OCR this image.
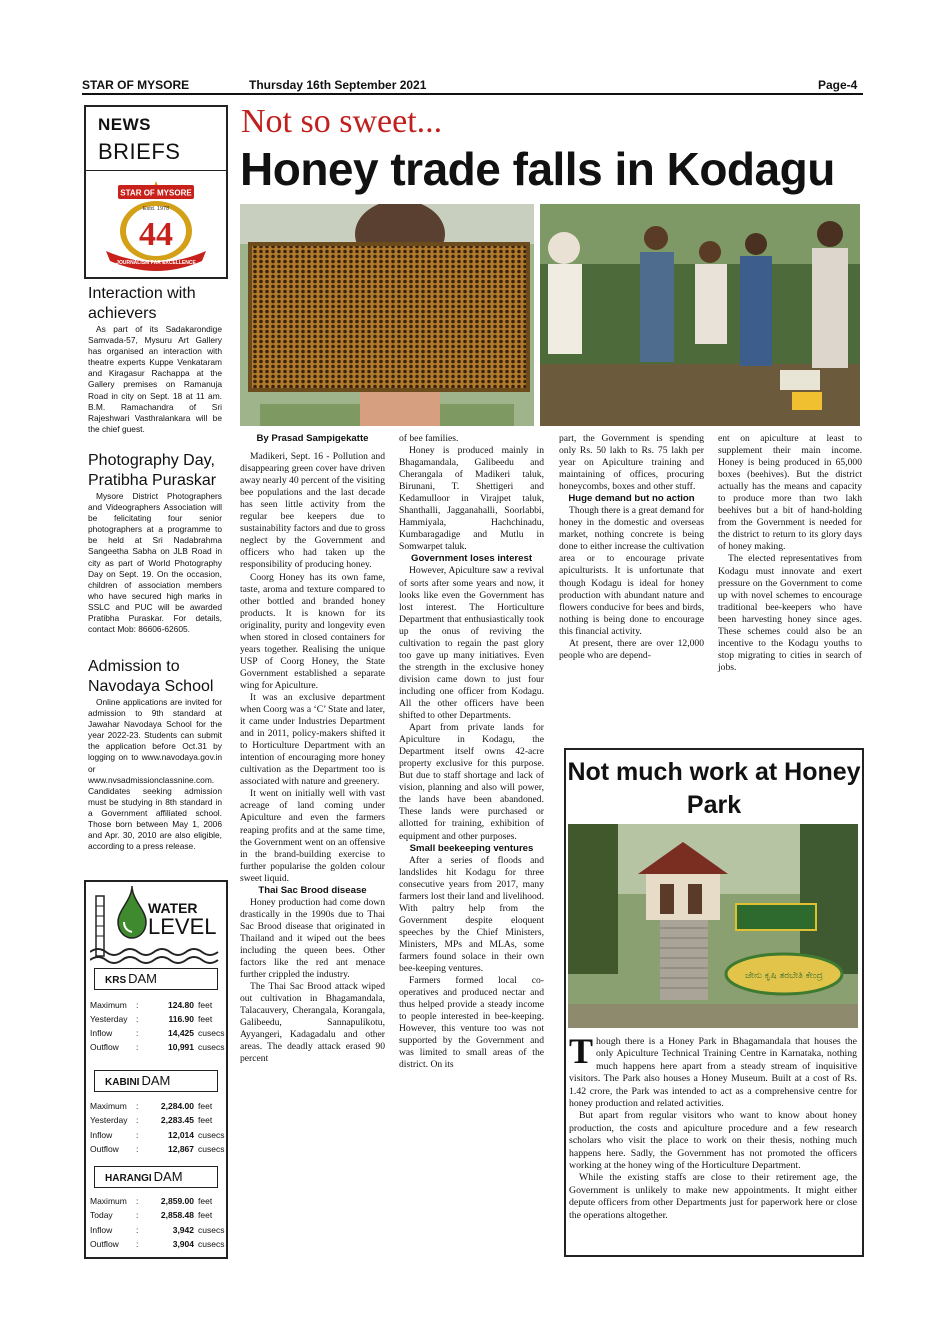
STAR OF MYSORE	Thursday 16th September 2021	Page-4
NEWS
BRIEFS
STAR OF MYSORE
Estd. 1978
44
JOURNALISM PAR EXCELLENCE
Interaction with achievers
As part of its Sadakarondige Samvada-57, Mysuru Art Gallery has organised an interaction with theatre experts Kuppe Venkataram and Kiragasur Rachappa at the Gallery premises on Ramanuja Road in city on Sept. 18 at 11 am. B.M. Ramachandra of Sri Rajeshwari Vasthralankara will be the chief guest.
Photography Day, Pratibha Puraskar
Mysore District Photographers and Videographers Association will be felicitating four senior photographers at a programme to be held at Sri Nadabrahma Sangeetha Sabha on JLB Road in city as part of World Photography Day on Sept. 19. On the occasion, children of association members who have secured high marks in SSLC and PUC will be awarded Pratibha Puraskar. For details, contact Mob: 86606-62605.
Admission to Navodaya School
Online applications are invited for admission to 9th standard at Jawahar Navodaya School for the year 2022-23. Students can submit the application before Oct.31 by logging on to www.navodaya.gov.in or www.nvsadmissionclassnine.com. Candidates seeking admission must be studying in 8th standard in a Government affiliated school. Those born between May 1, 2006 and Apr. 30, 2010 are also eligible, according to a press release.
WATER
LEVEL
KRS DAM
Maximum :	124.80 feet
Yesterday :	116.90 feet
Inflow	:	14,425 cusecs
Outflow :	10,991 cusecs
KABINI DAM
Maximum :	2,284.00 feet
Yesterday :	2,283.45 feet
Inflow	:	12,014 cusecs
Outflow :	12,867 cusecs
HARANGI DAM
Maximum :	2,859.00 feet
Today	:	2,858.48 feet
Inflow	:	3,942 cusecs
Outflow :	3,904 cusecs
Not so sweet...
Honey trade falls in Kodagu
By Prasad Sampigekatte

Madikeri, Sept. 16 - Pollution and disappearing green cover have driven away nearly 40 percent of the visiting bee populations and the last decade has seen little activity from the regular bee keepers due to sustainability factors and due to gross neglect by the Government and officers who had taken up the responsibility of producing honey.

Coorg Honey has its own fame, taste, aroma and texture compared to other bottled and branded honey products. It is known for its originality, purity and longevity even when stored in closed containers for years together. Realising the unique USP of Coorg Honey, the State Government established a separate wing for Apiculture.

It was an exclusive department when Coorg was a ‘C’ State and later, it came under Industries Department and in 2011, policy-makers shifted it to Horticulture Department with an intention of encouraging more honey cultivation as the Department too is associated with nature and greenery.

It went on initially well with vast acreage of land coming under Apiculture and even the farmers reaping profits and at the same time, the Government went on an offensive in the brand-building exercise to further popularise the golden colour sweet liquid.

Thai Sac Brood disease

Honey production had come down drastically in the 1990s due to Thai Sac Brood disease that originated in Thailand and it wiped out the bees including the queen bees. Other factors like the red ant menace further crippled the industry.

The Thai Sac Brood attack wiped out cultivation in Bhagamandala, Talacauvery, Cherangala, Korangala, Galibeedu, Sannapulikotu, Ayyangeri, Kadagadalu and other areas. The deadly attack erased 90 percent

of bee families.

Honey is produced mainly in Bhagamandala, Galibeedu and Cherangala of Madikeri taluk, Birunani, T. Shettigeri and Kedamulloor in Virajpet taluk, Shanthalli, Jagganahalli, Soorlabbi, Hammiyala, Hachchinadu, Kumbaragadige and Mutlu in Somwarpet taluk.

Government loses interest

However, Apiculture saw a revival of sorts after some years and now, it looks like even the Government has lost interest. The Horticulture Department that enthusiastically took up the onus of reviving the cultivation to regain the past glory too gave up many initiatives. Even the strength in the exclusive honey division came down to just four including one officer from Kodagu. All the other officers have been shifted to other Departments.

Apart from private lands for Apiculture in Kodagu, the Department itself owns 42-acre property exclusive for this purpose. But due to staff shortage and lack of vision, planning and also will power, the lands have been abandoned. These lands were purchased or allotted for training, exhibition of equipment and other purposes.

Small beekeeping ventures

After a series of floods and landslides hit Kodagu for three consecutive years from 2017, many farmers lost their land and livelihood. With paltry help from the Government despite eloquent speeches by the Chief Ministers, Ministers, MPs and MLAs, some farmers found solace in their own bee-keeping ventures.

Farmers formed local co-operatives and produced nectar and thus helped provide a steady income to people interested in bee-keeping. However, this venture too was not supported by the Government and was limited to small areas of the district. On its

part, the Government is spending only Rs. 50 lakh to Rs. 75 lakh per year on Apiculture training and maintaining of offices, procuring honeycombs, boxes and other stuff.

Huge demand but no action

Though there is a great demand for honey in the domestic and overseas market, nothing concrete is being done to either increase the cultivation area or to encourage private apiculturists. It is unfortunate that though Kodagu is ideal for honey production with abundant nature and flowers conducive for bees and birds, nothing is being done to encourage this financial activity.

At present, there are over 12,000 people who are depend-

ent on apiculture at least to supplement their main income. Honey is being produced in 65,000 boxes (beehives). But the district actually has the means and capacity to produce more than two lakh beehives but a bit of hand-holding from the Government is needed for the district to return to its glory days of honey making.

The elected representatives from Kodagu must innovate and exert pressure on the Government to come up with novel schemes to encourage traditional bee-keepers who have been harvesting honey since ages. These schemes could also be an incentive to the Kodagu youths to stop migrating to cities in search of jobs.

Not much work at Honey Park
ಜೇನು ಕೃಷಿ ತರಬೇತಿ ಕೇಂದ್ರ

Though there is a Honey Park in Bhagamandala that houses the only Apiculture Technical Training Centre in Karnataka, nothing much happens here apart from a steady stream of inquisitive visitors. The Park also houses a Honey Museum. Built at a cost of Rs. 1.42 crore, the Park was intended to act as a comprehensive centre for honey production and related activities.

But apart from regular visitors who want to know about honey production, the costs and apiculture procedure and a few research scholars who visit the place to work on their thesis, nothing much happens here. Sadly, the Government has not promoted the officers working at the honey wing of the Horticulture Department.

While the existing staffs are close to their retirement age, the Government is unlikely to make new appointments. It might either depute officers from other Departments just for paperwork here or close the operations altogether.
